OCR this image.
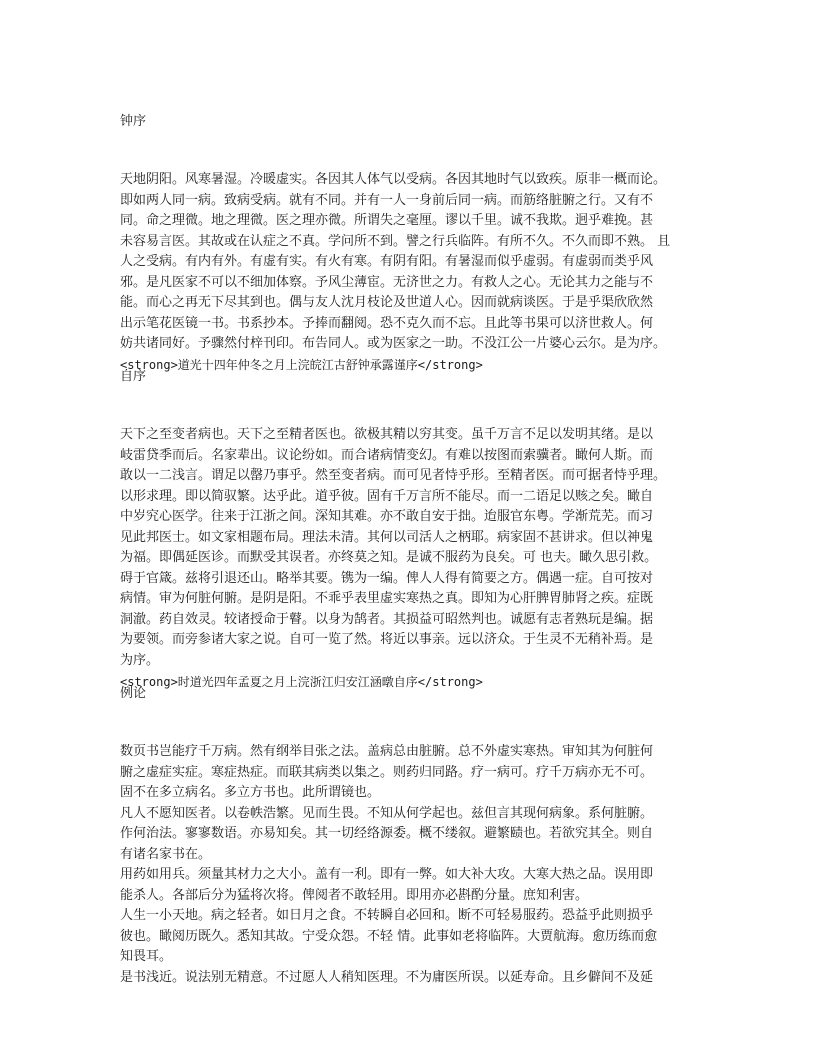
钟序
天地阴阳。风寒暑湿。冷暖虚实。各因其人体气以受病。各因其地时气以致疾。原非一概而论。
即如两人同一病。致病受病。就有不同。并有一人一身前后同一病。而筋络脏腑之行。又有不
同。命之理微。地之理微。医之理亦微。所谓失之毫厘。谬以千里。诚不我欺。迥乎难挽。甚
未容易言医。其故或在认症之不真。学问所不到。譬之行兵临阵。有所不久。不久而即不熟。 且
人之受病。有内有外。有虚有实。有火有寒。有阴有阳。有暑湿而似乎虚弱。有虚弱而类乎风
邪。是凡医家不可以不细加体察。予风尘薄宦。无济世之力。有救人之心。无论其力之能与不
能。而心之再无下尽其到也。偶与友人沈月枝论及世道人心。因而就病谈医。于是乎渠欣欣然
出示笔花医镜一书。书系抄本。予捧而翻阅。恐不克久而不忘。且此等书果可以济世救人。何
妨共诸同好。予骤然付梓刊印。布告同人。或为医家之一助。不没江公一片婆心云尔。是为序。
<strong>道光十四年仲冬之月上浣皖江古舒钟承露谨序</strong>
自序
天下之至变者病也。天下之至精者医也。欲极其精以穷其变。虽千万言不足以发明其绪。是以
岐雷贷季而后。名家辈出。议论纷如。而合诸病情变幻。有难以按图而索骥者。瞰何人斯。而
敢以一二浅言。谓足以罄乃事乎。然至变者病。而可见者恃乎形。至精者医。而可据者恃乎理。
以形求理。即以简驭繁。达乎此。道乎彼。固有千万言所不能尽。而一二语足以赅之矣。瞰自
中岁究心医学。往来于江浙之间。深知其难。亦不敢自安于拙。迨服官东粤。学渐荒芜。而习
见此邦医士。如文家相题布局。理法未清。其何以司活人之柄耶。病家固不甚讲求。但以神鬼
为福。即偶延医诊。而默受其误者。亦终莫之知。是诚不服药为良矣。可 也夫。瞰久思引救。
碍于官箴。兹将引退还山。略举其要。镌为一编。俾人人得有简要之方。偶遇一症。自可按对
病情。审为何脏何腑。是阴是阳。不乖乎表里虚实寒热之真。即知为心肝脾胃肺肾之疾。症既
洞澈。药自效灵。较诸授命于瞽。以身为鹄者。其损益可昭然判也。诚愿有志者熟玩是编。据
为要领。而旁参诸大家之说。自可一览了然。将近以事亲。远以济众。于生灵不无稍补焉。是
为序。
<strong>时道光四年孟夏之月上浣浙江归安江涵暾自序</strong>
例论
数页书岂能疗千万病。然有纲举目张之法。盖病总由脏腑。总不外虚实寒热。审知其为何脏何
腑之虚症实症。寒症热症。而联其病类以集之。则药归同路。疗一病可。疗千万病亦无不可。
固不在多立病名。多立方书也。此所谓镜也。
凡人不愿知医者。以卷帙浩繁。见而生畏。不知从何学起也。兹但言其现何病象。系何脏腑。
作何治法。寥寥数语。亦易知矣。其一切经络源委。概不缕叙。避繁赜也。若欲究其全。则自
有诸名家书在。
用药如用兵。须量其材力之大小。盖有一利。即有一弊。如大补大攻。大寒大热之品。误用即
能杀人。各部后分为猛将次将。俾阅者不敢轻用。即用亦必斟酌分量。庶知利害。
人生一小天地。病之轻者。如日月之食。不转瞬自必回和。断不可轻易服药。恐益乎此则损乎
彼也。瞰阅历既久。悉知其故。宁受众怨。不轻 情。此事如老将临阵。大贾航海。愈历练而愈
知畏耳。
是书浅近。说法别无精意。不过愿人人稍知医理。不为庸医所误。以延寿命。且乡僻间不及延
